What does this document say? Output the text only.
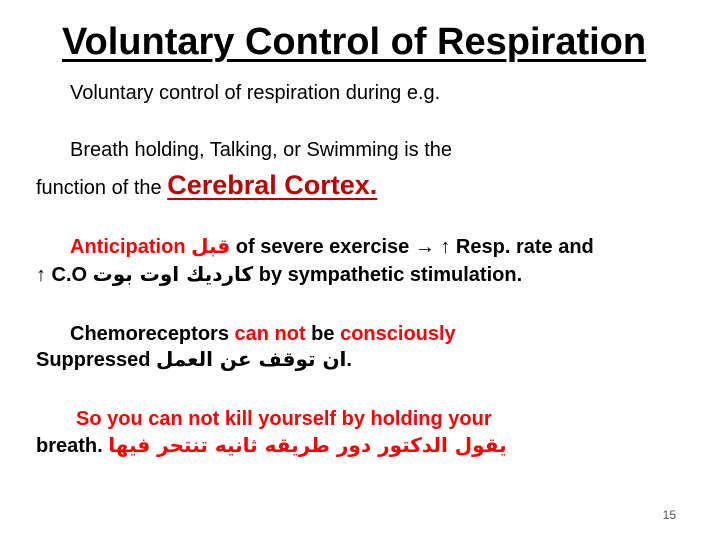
Voluntary Control of Respiration
Voluntary control of respiration during e.g.
Breath holding, Talking, or Swimming is the
function of the Cerebral Cortex.
Anticipation قبل of severe exercise → ↑ Resp. rate and
↑ C.O كارديك اوت بوت by sympathetic stimulation.
Chemoreceptors can not be consciously
Suppressed ان توقف عن العمل.
So you can not kill yourself by holding your
breath. يقول الدكتور دور طريقه ثانيه تنتحر فيها
15
